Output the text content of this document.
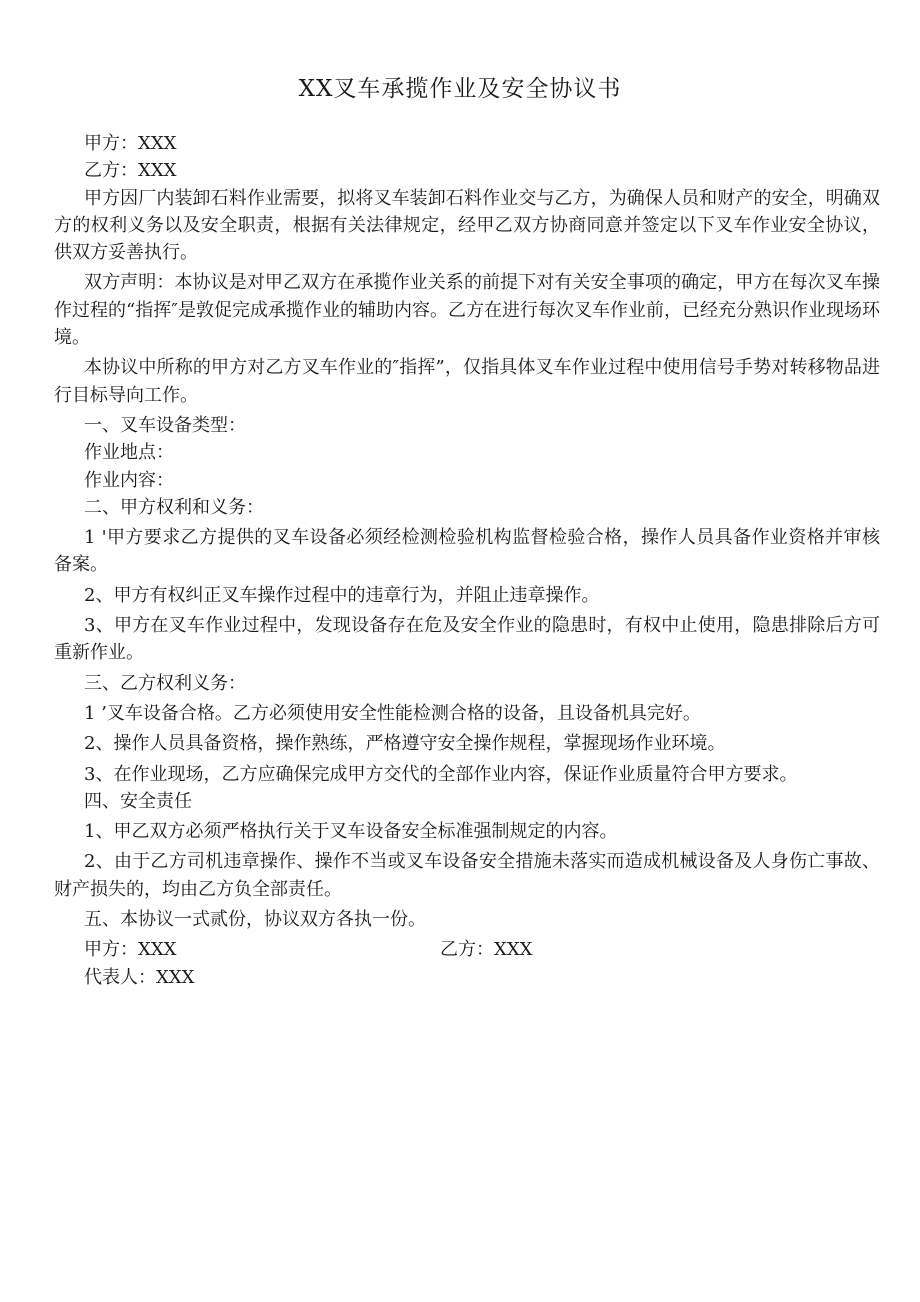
XX叉车承揽作业及安全协议书

甲方：XXX

乙方：XXX

甲方因厂内装卸石料作业需要，拟将叉车装卸石料作业交与乙方，为确保人员和财产的安全，明确双方的权利义务以及安全职责，根据有关法律规定，经甲乙双方协商同意并签定以下叉车作业安全协议，供双方妥善执行。

双方声明：本协议是对甲乙双方在承揽作业关系的前提下对有关安全事项的确定，甲方在每次叉车操作过程的“指挥″是敦促完成承揽作业的辅助内容。乙方在进行每次叉车作业前，已经充分熟识作业现场环境。

本协议中所称的甲方对乙方叉车作业的″指挥”，仅指具体叉车作业过程中使用信号手势对转移物品进行目标导向工作。

一、叉车设备类型：

作业地点：

作业内容：

二、甲方权利和义务：

1 '甲方要求乙方提供的叉车设备必须经检测检验机构监督检验合格，操作人员具备作业资格并审核备案。

2、甲方有权纠正叉车操作过程中的违章行为，并阻止违章操作。

3、甲方在叉车作业过程中，发现设备存在危及安全作业的隐患时，有权中止使用，隐患排除后方可重新作业。

三、乙方权利义务：

1 ’叉车设备合格。乙方必须使用安全性能检测合格的设备，且设备机具完好。

2、操作人员具备资格，操作熟练，严格遵守安全操作规程，掌握现场作业环境。

3、在作业现场，乙方应确保完成甲方交代的全部作业内容，保证作业质量符合甲方要求。

四、安全责任

1、甲乙双方必须严格执行关于叉车设备安全标准强制规定的内容。

2、由于乙方司机违章操作、操作不当或叉车设备安全措施未落实而造成机械设备及人身伤亡事故、财产损失的，均由乙方负全部责任。

五、本协议一式贰份，协议双方各执一份。

甲方：XXX	乙方：XXX

代表人：XXX
